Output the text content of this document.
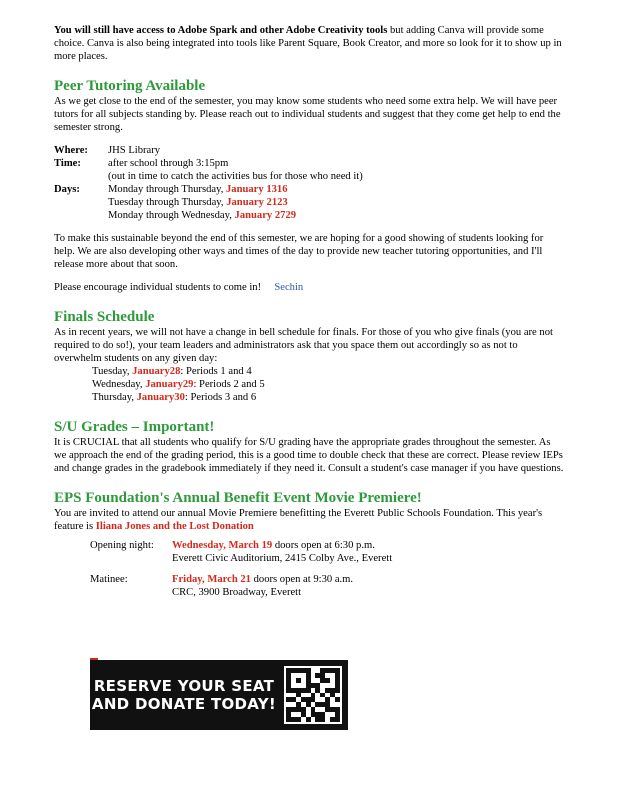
You will still have access to Adobe Spark and other Adobe Creativity tools but adding Canva will provide some choice. Canva is also being integrated into tools like Parent Square, Book Creator, and more so look for it to show up in more places.

Peer Tutoring Available

As we get close to the end of the semester, you may know some students who need some extra help. We will have peer tutors for all subjects standing by. Please reach out to individual students and suggest that they come get help to end the semester strong.

Where:	JHS Library
Time:	after school through 3:15pm
(out in time to catch the activities bus for those who need it)
Days:	Monday through Thursday, January 1316
Tuesday through Thursday, January 2123
Monday through Wednesday, January 2729

To make this sustainable beyond the end of this semester, we are hoping for a good showing of students looking for help. We are also developing other ways and times of the day to provide new teacher tutoring opportunities, and I'll release more about that soon.

Please encourage individual students to come in! Sechin

Finals Schedule

As in recent years, we will not have a change in bell schedule for finals. For those of you who give finals (you are not required to do so!), your team leaders and administrators ask that you space them out accordingly so as not to overwhelm students on any given day:

Tuesday, January28: Periods 1 and 4

Wednesday, January29: Periods 2 and 5

Thursday, January30: Periods 3 and 6

S/U Grades – Important!

It is CRUCIAL that all students who qualify for S/U grading have the appropriate grades throughout the semester. As we approach the end of the grading period, this is a good time to double check that these are correct. Please review IEPs and change grades in the gradebook immediately if they need it. Consult a student's case manager if you have questions.

EPS Foundation's Annual Benefit Event Movie Premiere!

You are invited to attend our annual Movie Premiere benefitting the Everett Public Schools Foundation. This year's feature is Iliana Jones and the Lost Donation

Opening night:	Wednesday, March 19 doors open at 6:30 p.m.
Everett Civic Auditorium, 2415 Colby Ave., Everett
Matinee:	Friday, March 21 doors open at 9:30 a.m.
CRC, 3900 Broadway, Everett
RESERVE YOUR SEAT
AND DONATE TODAY!
